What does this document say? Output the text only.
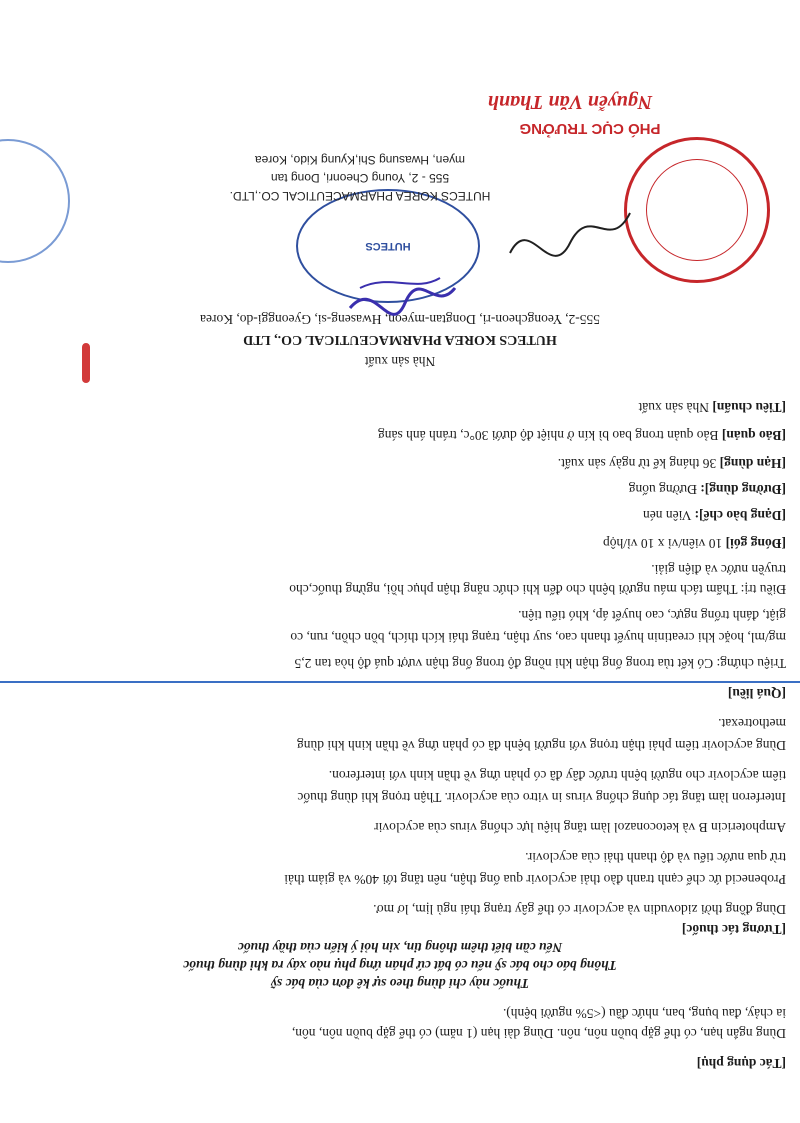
[Tác dụng phụ]
Dùng ngắn hạn, có thể gặp buồn nôn, nôn. Dùng dài hạn (1 năm) có thể gặp buồn nôn, nôn,
ia chảy, đau bụng, ban, nhức đầu (<5% người bệnh).
Thuốc này chỉ dùng theo sự kê đơn của bác sỹ
Thông báo cho bác sỹ nếu có bất cứ phản ứng phụ nào xảy ra khi dùng thuốc
Nếu cần biết thêm thông tin, xin hỏi ý kiến của thầy thuốc
[Tương tác thuốc]
Dùng đồng thời zidovudin và acyclovir có thể gây trạng thái ngủ lịm, lơ mơ.
Probenecid ức chế cạnh tranh đào thải acyclovir qua ống thận, nên tăng tới 40% và giảm thải
trừ qua nước tiểu và độ thanh thải của acyclovir.
Amphotericin B và ketoconazol làm tăng hiệu lực chống virus của acyclovir
Interferon làm tăng tác dụng chống virus in vitro của acyclovir. Thận trọng khi dùng thuốc
tiêm acyclovir cho người bệnh trước đây đã có phản ứng về thần kinh với interferon.
Dùng acyclovir tiêm phải thận trọng với người bệnh đã có phản ứng về thần kinh khi dùng
methotrexat.
[Quá liều]
Triệu chứng: Có kết tủa trong ống thận khi nồng độ trong ống thận vượt quá độ hòa tan 2,5
mg/ml, hoặc khi creatinin huyết thanh cao, suy thận, trạng thái kích thích, bồn chồn, run, co
giật, đánh trống ngực, cao huyết áp, khó tiểu tiện.
Điều trị: Thẩm tách máu người bệnh cho đến khi chức năng thận phục hồi, ngừng thuốc,cho
truyền nước và điện giải.
[Đóng gói] 10 viên/vỉ x 10 vỉ/hộp
[Dạng bào chế]: Viên nén
[Đường dùng]: Đường uống
[Hạn dùng] 36 tháng kể từ ngày sản xuất.
[Bảo quản] Bảo quản trong bao bì kín ở nhiệt độ dưới 30°c, tránh ánh sáng
[Tiêu chuẩn] Nhà sản xuất
Nhà sản xuất
HUTECS KOREA PHARMACEUTICAL CO., LTD
555-2, Yeongcheon-ri, Dongtan-myeon, Hwaseng-si, Gyeonggi-do, Korea
HUTECS
HUTECS KOREA PHARMACEUTICAL CO.,LTD.
555 - 2, Young Cheonri, Dong tan
myen, Hwasung Shi,Kyung Kido, Korea
PHÓ CỤC TRƯỞNG
Nguyễn Văn Thanh
